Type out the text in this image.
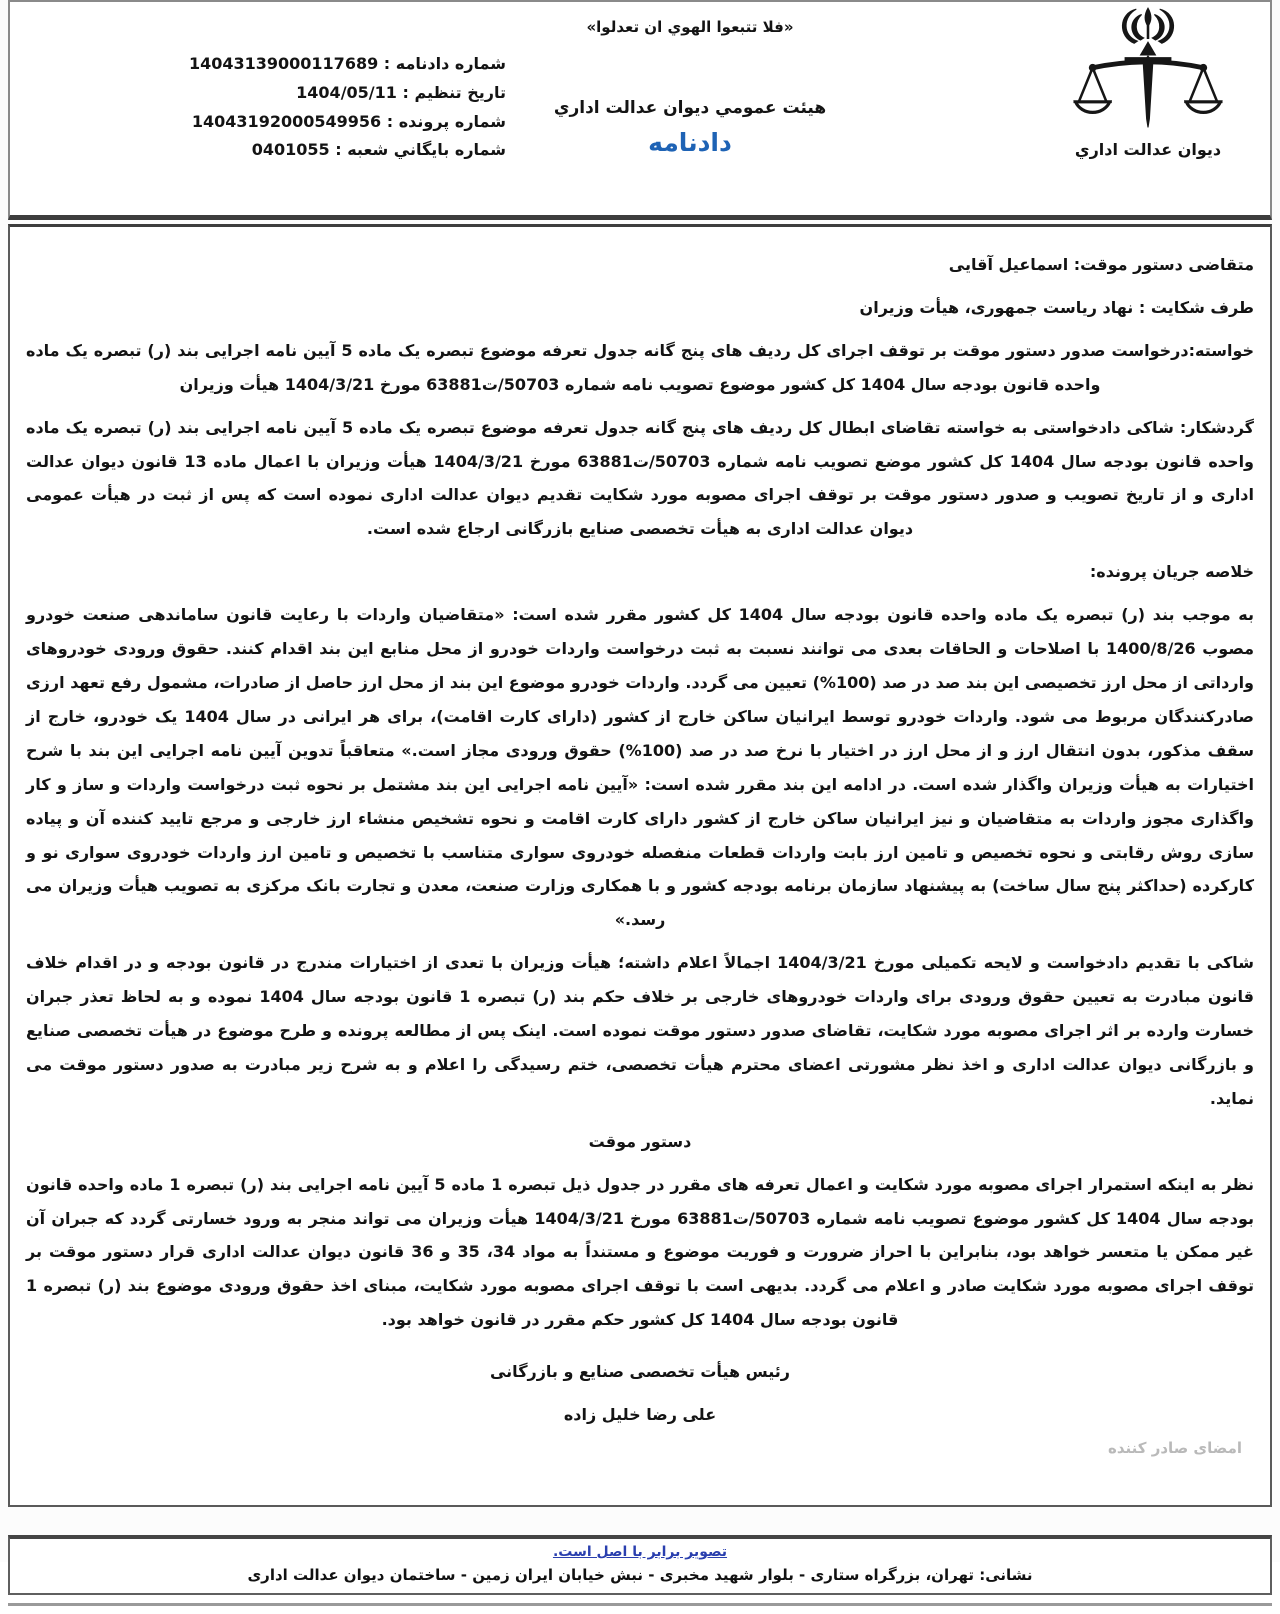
ديوان عدالت اداري
«فلا تتبعوا الهوي ان تعدلوا»
هيئت عمومي ديوان عدالت اداري
دادنامه
شماره دادنامه : 14043139000117689
تاريخ تنظيم : 1404/05/11
شماره پرونده : 14043192000549956
شماره بايگاني شعبه : 0401055

متقاضی دستور موقت: اسماعیل آقایی

طرف شکایت : نهاد ریاست جمهوری، هیأت وزیران

خواسته:درخواست صدور دستور موقت بر توقف اجرای کل ردیف های پنج گانه جدول تعرفه موضوع تبصره یک ماده 5 آیین نامه اجرایی بند (ر) تبصره یک ماده واحده قانون بودجه سال 1404 کل کشور موضوع تصویب نامه شماره 50703/ت63881 مورخ 1404/3/21 هیأت وزیران

گردشکار: شاکی دادخواستی به خواسته تقاضای ابطال کل ردیف های پنج گانه جدول تعرفه موضوع تبصره یک ماده 5 آیین نامه اجرایی بند (ر) تبصره یک ماده واحده قانون بودجه سال 1404 کل کشور موضع تصویب نامه شماره 50703/ت63881 مورخ 1404/3/21 هیأت وزیران با اعمال ماده 13 قانون دیوان عدالت اداری و از تاریخ تصویب و صدور دستور موقت بر توقف اجرای مصوبه مورد شکایت تقدیم دیوان عدالت اداری نموده است که پس از ثبت در هیأت عمومی دیوان عدالت اداری به هیأت تخصصی صنایع بازرگانی ارجاع شده است.

خلاصه جریان پرونده:

به موجب بند (ر) تبصره یک ماده واحده قانون بودجه سال 1404 کل کشور مقرر شده است: «متقاضیان واردات با رعایت قانون ساماندهی صنعت خودرو مصوب 1400/8/26 با اصلاحات و الحاقات بعدی می توانند نسبت به ثبت درخواست واردات خودرو از محل منابع این بند اقدام کنند. حقوق ورودی خودروهای وارداتی از محل ارز تخصیصی این بند صد در صد (100%) تعیین می گردد. واردات خودرو موضوع این بند از محل ارز حاصل از صادرات، مشمول رفع تعهد ارزی صادرکنندگان مربوط می شود. واردات خودرو توسط ایرانیان ساکن خارج از کشور (دارای کارت اقامت)، برای هر ایرانی در سال 1404 یک خودرو، خارج از سقف مذکور، بدون انتقال ارز و از محل ارز در اختیار با نرخ صد در صد (100%) حقوق ورودی مجاز است.» متعاقباً تدوین آیین نامه اجرایی این بند با شرح اختیارات به هیأت وزیران واگذار شده است. در ادامه این بند مقرر شده است: «آیین نامه اجرایی این بند مشتمل بر نحوه ثبت درخواست واردات و ساز و کار واگذاری مجوز واردات به متقاضیان و نیز ایرانیان ساکن خارج از کشور دارای کارت اقامت و نحوه تشخیص منشاء ارز خارجی و مرجع تایید کننده آن و پیاده سازی روش رقابتی و نحوه تخصیص و تامین ارز بابت واردات قطعات منفصله خودروی سواری متناسب با تخصیص و تامین ارز واردات خودروی سواری نو و کارکرده (حداکثر پنج سال ساخت) به پیشنهاد سازمان برنامه بودجه کشور و با همکاری وزارت صنعت، معدن و تجارت بانک مرکزی به تصویب هیأت وزیران می رسد.»

شاکی با تقدیم دادخواست و لایحه تکمیلی مورخ 1404/3/21 اجمالاً اعلام داشته؛ هیأت وزیران با تعدی از اختیارات مندرج در قانون بودجه و در اقدام خلاف قانون مبادرت به تعیین حقوق ورودی برای واردات خودروهای خارجی بر خلاف حکم بند (ر) تبصره 1 قانون بودجه سال 1404 نموده و به لحاظ تعذر جبران خسارت وارده بر اثر اجرای مصوبه مورد شکایت، تقاضای صدور دستور موقت نموده است. اینک پس از مطالعه پرونده و طرح موضوع در هیأت تخصصی صنایع و بازرگانی دیوان عدالت اداری و اخذ نظر مشورتی اعضای محترم هیأت تخصصی، ختم رسیدگی را اعلام و به شرح زیر مبادرت به صدور دستور موقت می نماید.

دستور موقت

نظر به اینکه استمرار اجرای مصوبه مورد شکایت و اعمال تعرفه های مقرر در جدول ذیل تبصره 1 ماده 5 آیین نامه اجرایی بند (ر) تبصره 1 ماده واحده قانون بودجه سال 1404 کل کشور موضوع تصویب نامه شماره 50703/ت63881 مورخ 1404/3/21 هیأت وزیران می تواند منجر به ورود خسارتی گردد که جبران آن غیر ممکن یا متعسر خواهد بود، بنابراین با احراز ضرورت و فوریت موضوع و مستنداً به مواد 34، 35 و 36 قانون دیوان عدالت اداری قرار دستور موقت بر توقف اجرای مصوبه مورد شکایت صادر و اعلام می گردد. بدیهی است با توقف اجرای مصوبه مورد شکایت، مبنای اخذ حقوق ورودی موضوع بند (ر) تبصره 1 قانون بودجه سال 1404 کل کشور حکم مقرر در قانون خواهد بود.

رئیس هیأت تخصصی صنایع و بازرگانی

علی رضا خلیل زاده

امضای صادر کننده
تصویر برابر با اصل است.
نشانی: تهران، بزرگراه ستاری - بلوار شهید مخبری - نبش خیابان ایران زمین - ساختمان دیوان عدالت اداری
